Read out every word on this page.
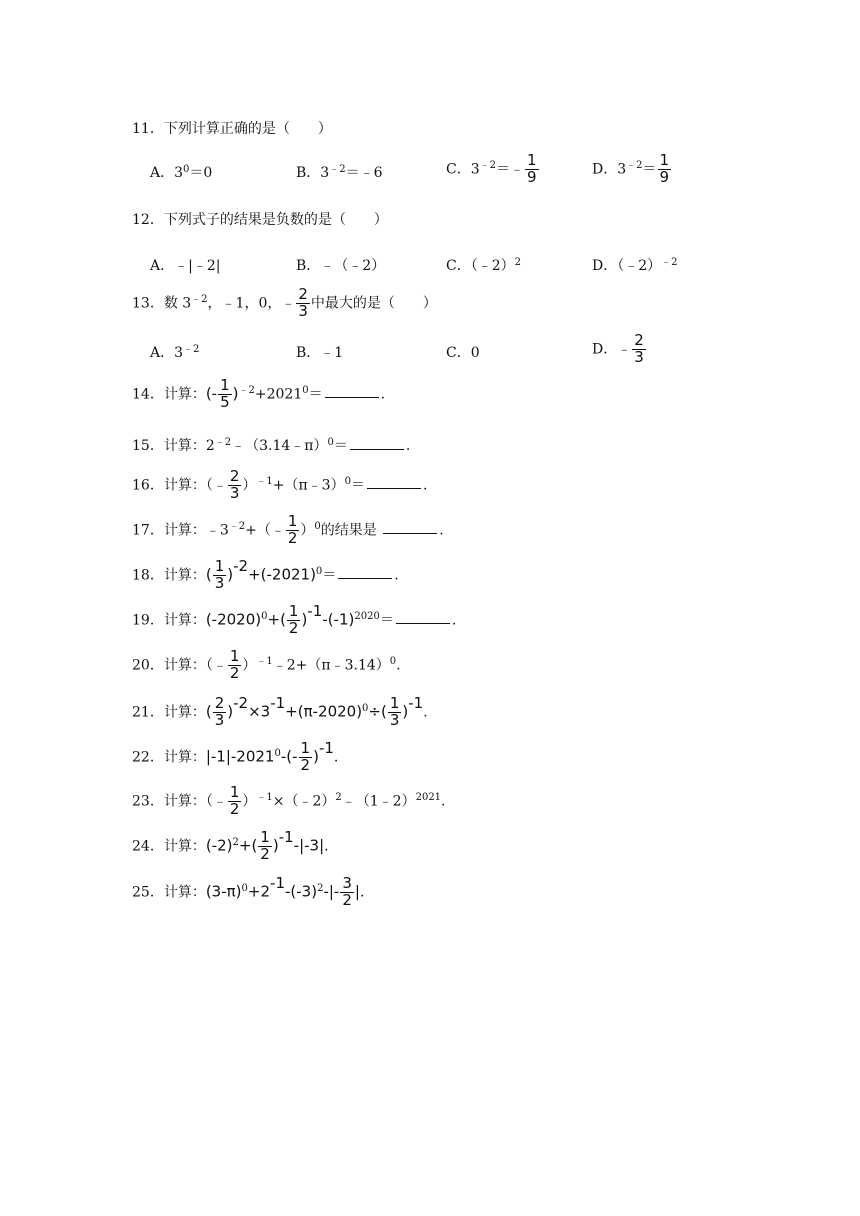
11．下列计算正确的是（　　）
A．$3^0=0$	B．$3^{﹣2}=﹣6$	C．$3^{﹣2}=﹣ \frac{1}{9}$	D．$3^{﹣2}= \frac{1}{9}$
12．下列式子的结果是负数的是（　　）
A．﹣|﹣2|	B．﹣（﹣2）	C．（﹣2）$^2$	D．（﹣2）$^{﹣2}$
13．数 $3^{﹣2}$，﹣1，0，﹣ $\frac{2}{3}$ 中最大的是（　　）
A．$3^{﹣2}$	B．﹣1	C．0	D．﹣ $\frac{2}{3}$
14．计算：(- $\frac{1}{5} )^{﹣2}+2021^0=$	.
15．计算：$2^{﹣2}﹣(3.14﹣\pi)^0=$	.
16．计算：（﹣ $\frac{2}{3}$ ）$^{﹣1}$+（π﹣3）$^0$＝	.
17．计算：$﹣3^{﹣2}+(﹣ \frac{1}{2} )^0$的结果是	.
18．计算：( $\frac{1}{3} )-2+(-2021)^0=$	.
19．计算：$(-2020)^0+( \frac{1}{2} )-1-(-1)^{2020}=$	.
20．计算：（﹣ $\frac{1}{2}$ ）$^{﹣1}$﹣2+（π﹣3.14）$^0$.
21．计算：( $\frac{2}{3} )-2\times 3-1+(\pi-2020)^0\div( \frac{1}{3} )-1$.
22．计算：$|-1|-2021^0-(- \frac{1}{2} )-1$.
23．计算：（﹣ $\frac{1}{2}$ ）$^{﹣1}$×（﹣2）$^2$﹣（1﹣2）$^{2021}$.
24．计算：$(-2)^2+( \frac{1}{2} )-1-|-3|$.
25．计算：$(3-\pi)^0+2-1-(-3)^2-|- \frac{3}{2}$ |.
